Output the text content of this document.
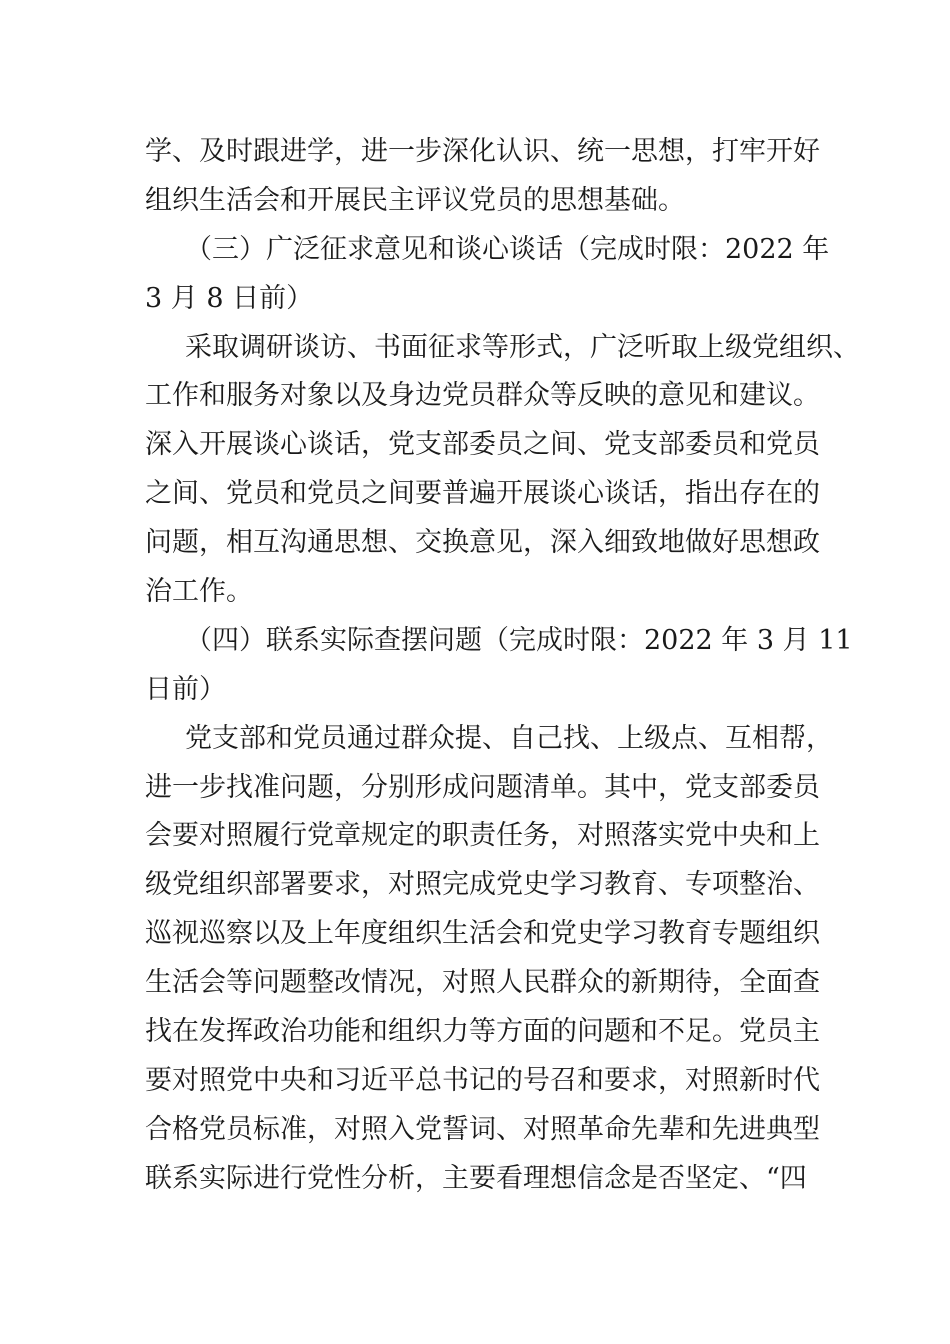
学、及时跟进学，进一步深化认识、统一思想，打牢开好
组织生活会和开展民主评议党员的思想基础。
（三）广泛征求意见和谈心谈话（完成时限：2022 年
3 月 8 日前）
采取调研谈访、书面征求等形式，广泛听取上级党组织、
工作和服务对象以及身边党员群众等反映的意见和建议。
深入开展谈心谈话，党支部委员之间、党支部委员和党员
之间、党员和党员之间要普遍开展谈心谈话，指出存在的
问题，相互沟通思想、交换意见，深入细致地做好思想政
治工作。
（四）联系实际查摆问题（完成时限：2022 年 3 月 11
日前）
党支部和党员通过群众提、自己找、上级点、互相帮，
进一步找准问题，分别形成问题清单。其中，党支部委员
会要对照履行党章规定的职责任务，对照落实党中央和上
级党组织部署要求，对照完成党史学习教育、专项整治、
巡视巡察以及上年度组织生活会和党史学习教育专题组织
生活会等问题整改情况，对照人民群众的新期待，全面查
找在发挥政治功能和组织力等方面的问题和不足。党员主
要对照党中央和习近平总书记的号召和要求，对照新时代
合格党员标准，对照入党誓词、对照革命先辈和先进典型
联系实际进行党性分析，主要看理想信念是否坚定、“四
